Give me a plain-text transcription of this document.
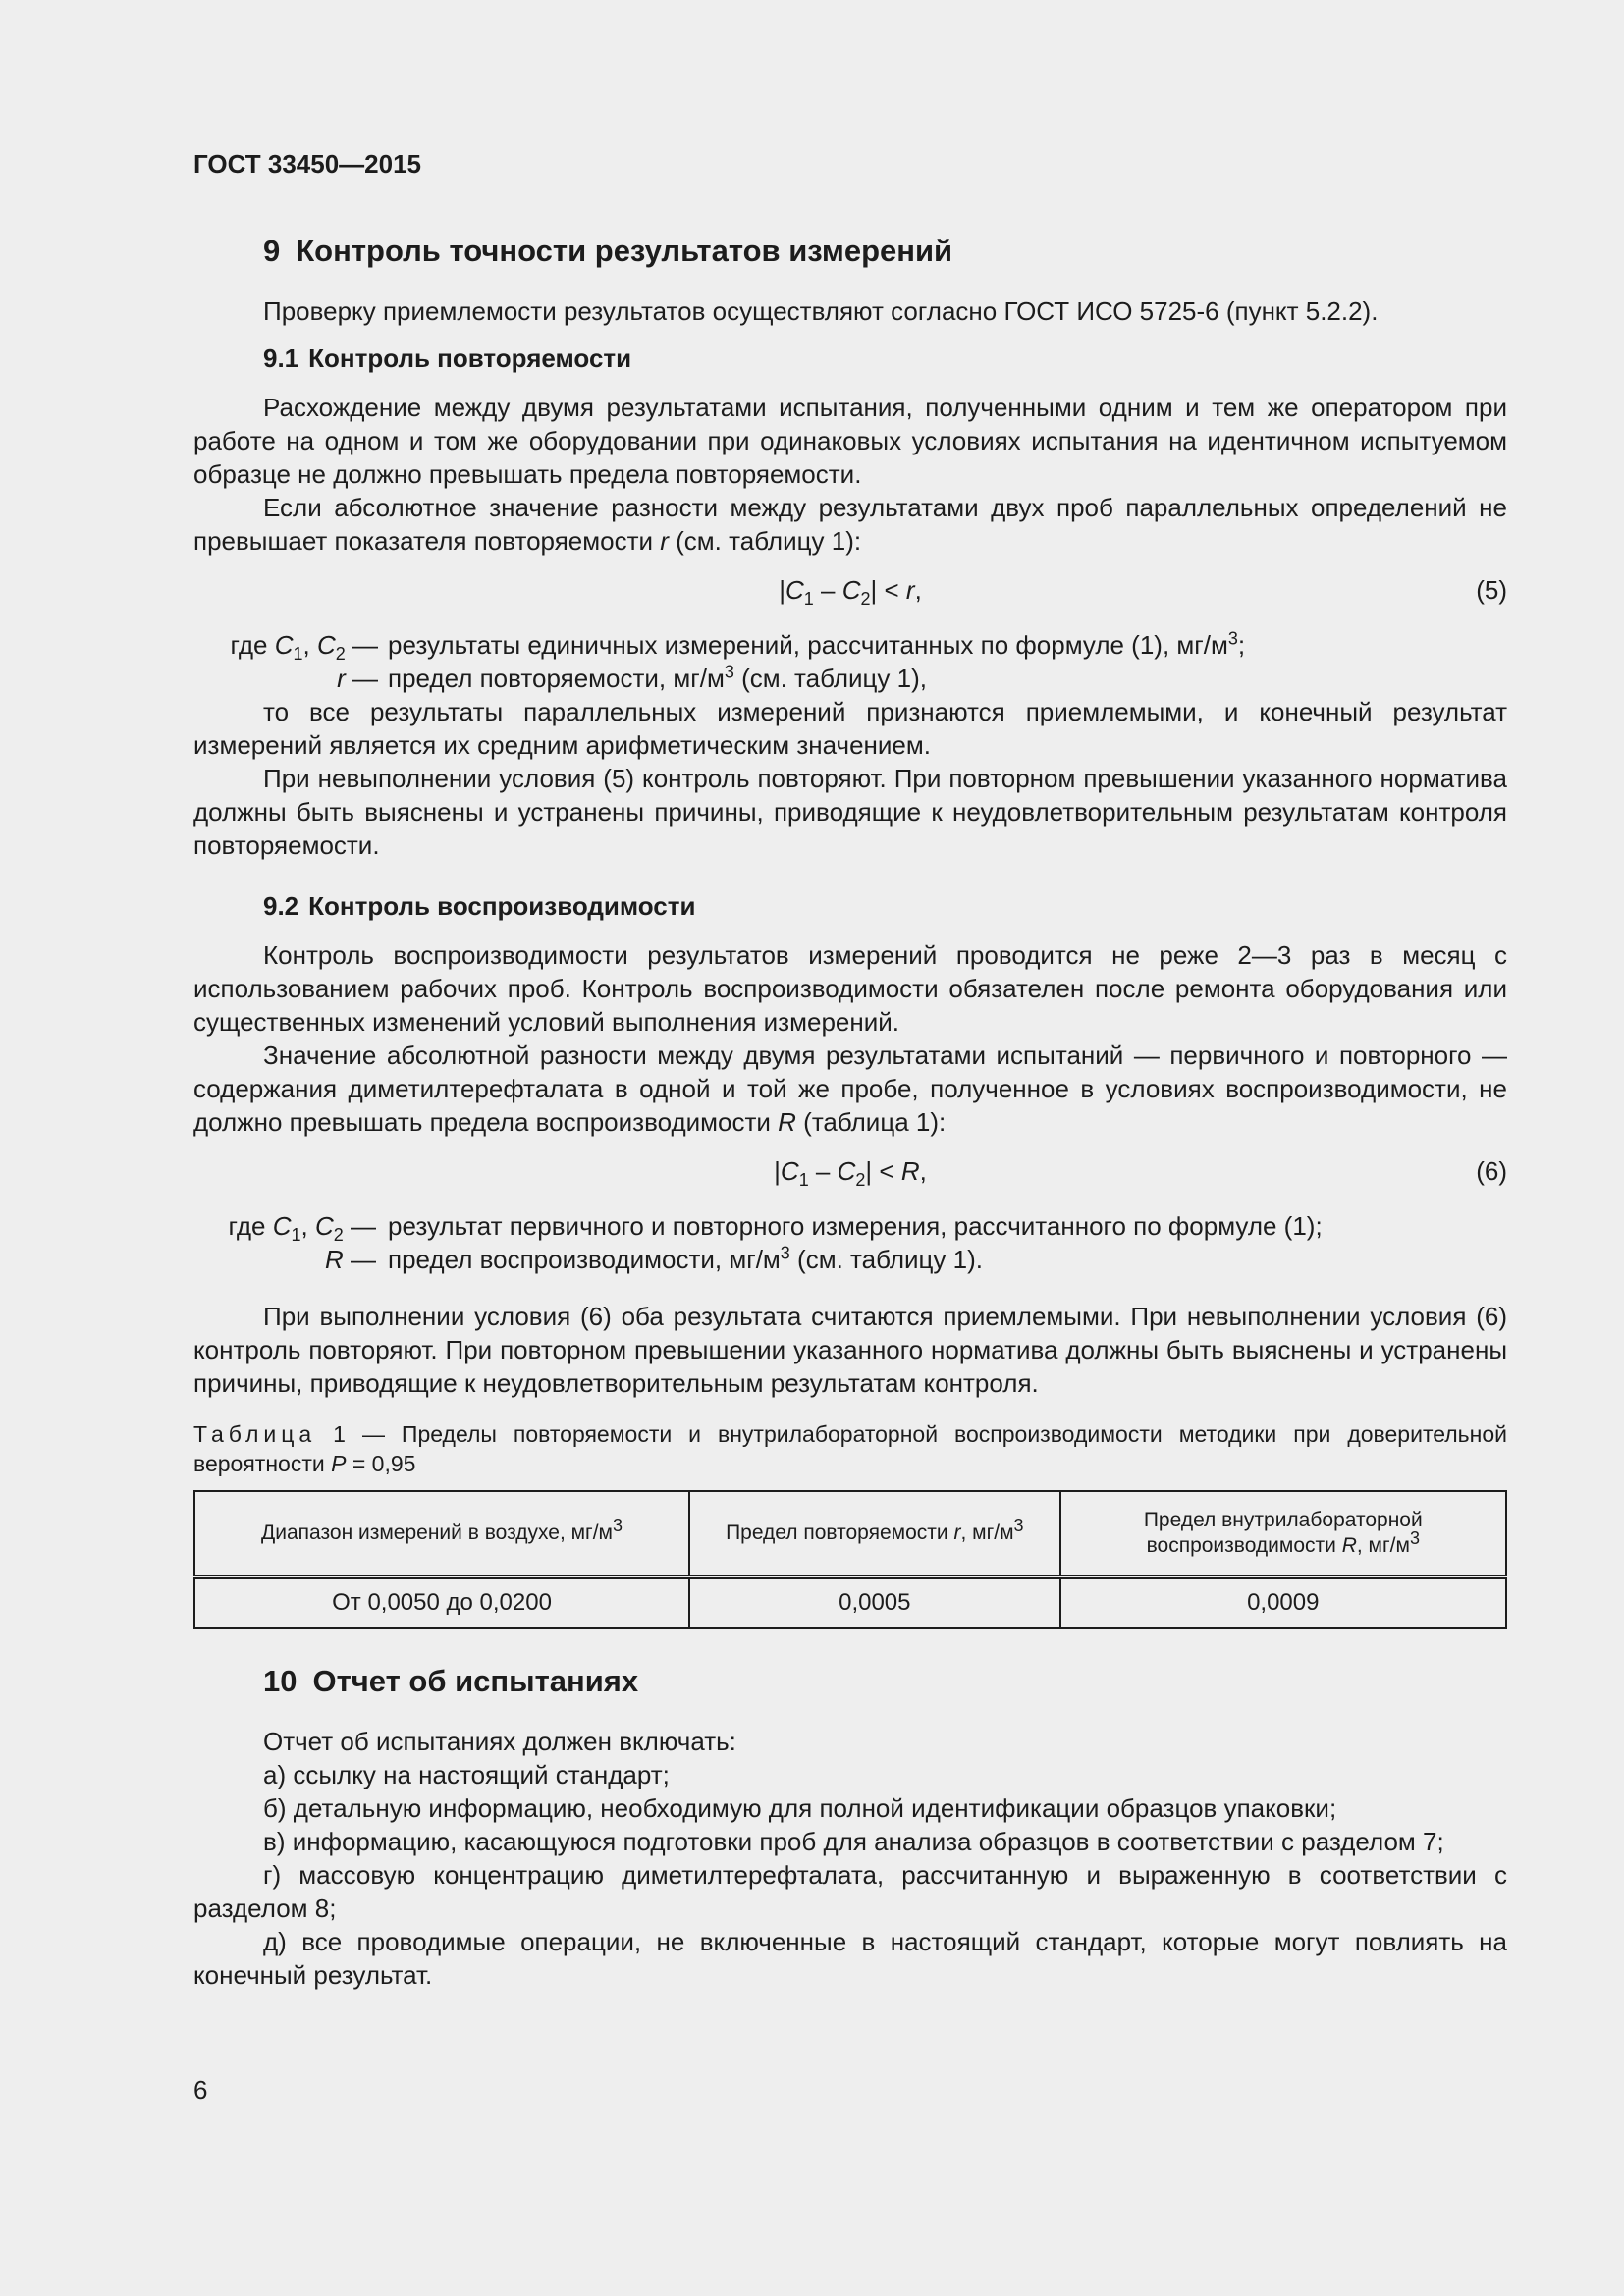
ГОСТ 33450—2015
9 Контроль точности результатов измерений

Проверку приемлемости результатов осуществляют согласно ГОСТ ИСО 5725-6 (пункт 5.2.2).

9.1 Контроль повторяемости

Расхождение между двумя результатами испытания, полученными одним и тем же оператором при работе на одном и том же оборудовании при одинаковых условиях испытания на идентичном испытуемом образце не должно превышать предела повторяемости.

Если абсолютное значение разности между результатами двух проб параллельных определений не превышает показателя повторяемости r (см. таблицу 1):

$|C_1 - C_2| < r$,	(5)
где $C_1$, $C_2$ — результаты единичных измерений, рассчитанных по формуле (1), $мг/м^3$;
r — предел повторяемости, $мг/м^3$ (см. таблицу 1),

то все результаты параллельных измерений признаются приемлемыми, и конечный результат измерений является их средним арифметическим значением.

При невыполнении условия (5) контроль повторяют. При повторном превышении указанного норматива должны быть выяснены и устранены причины, приводящие к неудовлетворительным результатам контроля повторяемости.

9.2 Контроль воспроизводимости

Контроль воспроизводимости результатов измерений проводится не реже 2—3 раз в месяц с использованием рабочих проб. Контроль воспроизводимости обязателен после ремонта оборудования или существенных изменений условий выполнения измерений.

Значение абсолютной разности между двумя результатами испытаний — первичного и повторного — содержания диметилтерефталата в одной и той же пробе, полученное в условиях воспроизводимости, не должно превышать предела воспроизводимости R (таблица 1):

$|C_1 - C_2| < R$,	(6)
где $C_1$, $C_2$ — результат первичного и повторного измерения, рассчитанного по формуле (1);
R — предел воспроизводимости, $мг/м^3$ (см. таблицу 1).

При выполнении условия (6) оба результата считаются приемлемыми. При невыполнении условия (6) контроль повторяют. При повторном превышении указанного норматива должны быть выяснены и устранены причины, приводящие к неудовлетворительным результатам контроля.

Таблица 1 — Пределы повторяемости и внутрилабораторной воспроизводимости методики при доверительной вероятности P = 0,95
Диапазон измерений в воздухе, $мг/м^3$	Предел повторяемости r, $мг/м^3$	Предел внутрилабораторной
воспроизводимости R, $мг/м^3$
От 0,0050 до 0,0200	0,0005	0,0009
10 Отчет об испытаниях

Отчет об испытаниях должен включать:

а) ссылку на настоящий стандарт;

б) детальную информацию, необходимую для полной идентификации образцов упаковки;

в) информацию, касающуюся подготовки проб для анализа образцов в соответствии с разделом 7;

г) массовую концентрацию диметилтерефталата, рассчитанную и выраженную в соответствии с разделом 8;

д) все проводимые операции, не включенные в настоящий стандарт, которые могут повлиять на конечный результат.

6
